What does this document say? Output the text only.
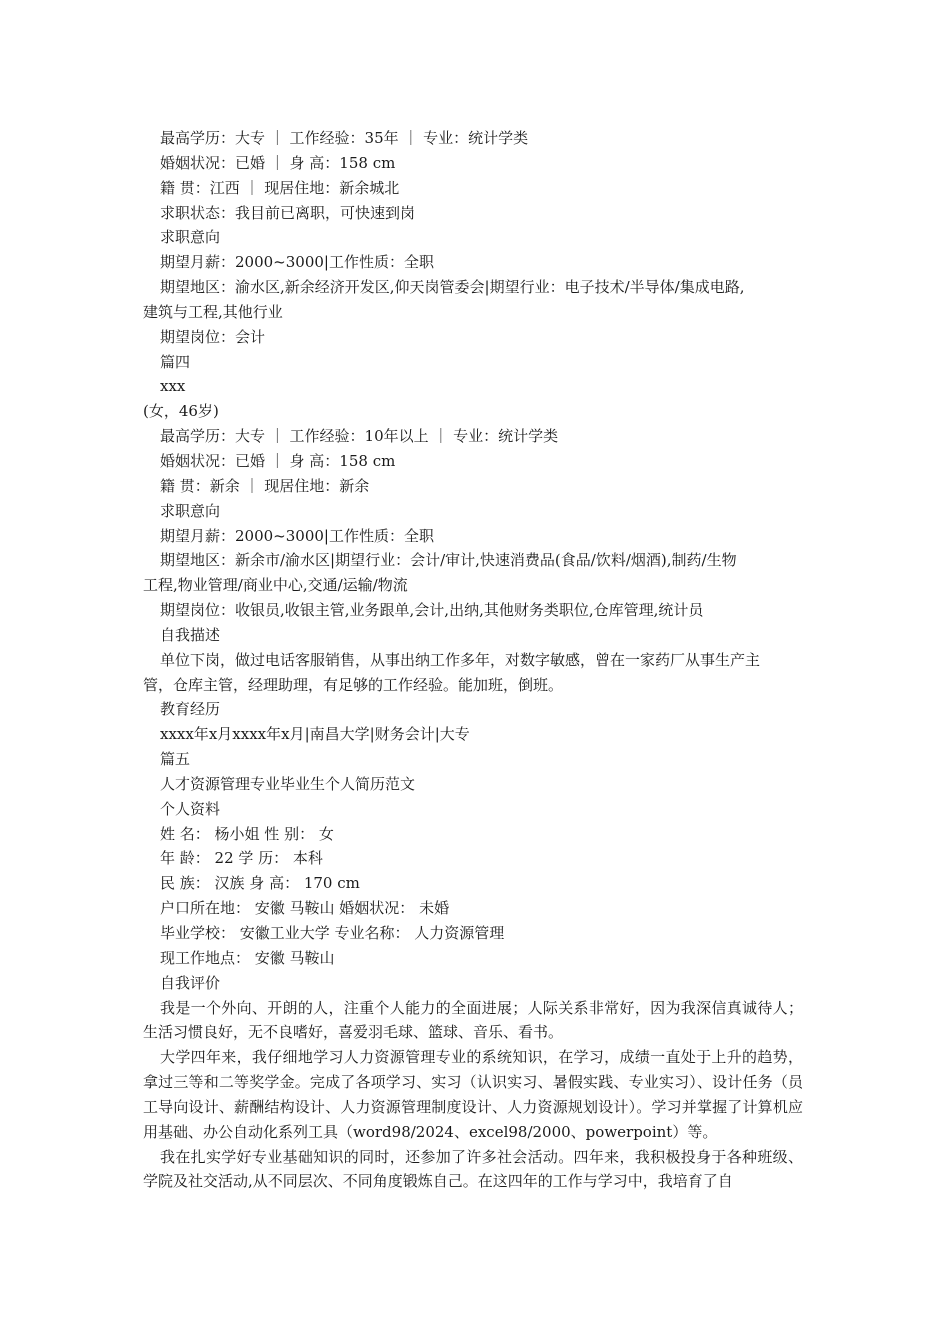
最高学历：大专 ｜ 工作经验：35年 ｜ 专业：统计学类
婚姻状况：已婚 ｜ 身 高：158 cm
籍 贯：江西 ｜ 现居住地：新余城北
求职状态：我目前已离职，可快速到岗
求职意向
期望月薪：2000~3000|工作性质：全职
期望地区：渝水区,新余经济开发区,仰天岗管委会|期望行业：电子技术/半导体/集成电路,
建筑与工程,其他行业
期望岗位：会计
篇四
xxx
(女，46岁)
最高学历：大专 ｜ 工作经验：10年以上 ｜ 专业：统计学类
婚姻状况：已婚 ｜ 身 高：158 cm
籍 贯：新余 ｜ 现居住地：新余
求职意向
期望月薪：2000~3000|工作性质：全职
期望地区：新余市/渝水区|期望行业：会计/审计,快速消费品(食品/饮料/烟酒),制药/生物
工程,物业管理/商业中心,交通/运输/物流
期望岗位：收银员,收银主管,业务跟单,会计,出纳,其他财务类职位,仓库管理,统计员
自我描述
单位下岗，做过电话客服销售，从事出纳工作多年，对数字敏感，曾在一家药厂从事生产主
管，仓库主管，经理助理，有足够的工作经验。能加班，倒班。
教育经历
xxxx年x月xxxx年x月|南昌大学|财务会计|大专
篇五
人才资源管理专业毕业生个人简历范文
个人资料
姓 名： 杨小姐 性 别： 女
年 龄： 22 学 历： 本科
民 族： 汉族 身 高： 170 cm
户口所在地： 安徽 马鞍山 婚姻状况： 未婚
毕业学校： 安徽工业大学 专业名称： 人力资源管理
现工作地点： 安徽 马鞍山
自我评价
我是一个外向、开朗的人，注重个人能力的全面进展；人际关系非常好，因为我深信真诚待人；生活习惯良好，无不良嗜好，喜爱羽毛球、篮球、音乐、看书。
大学四年来，我仔细地学习人力资源管理专业的系统知识，在学习，成绩一直处于上升的趋势，拿过三等和二等奖学金。完成了各项学习、实习（认识实习、暑假实践、专业实习）、设计任务（员工导向设计、薪酬结构设计、人力资源管理制度设计、人力资源规划设计）。学习并掌握了计算机应用基础、办公自动化系列工具（word98/2024、excel98/2000、powerpoint）等。
我在扎实学好专业基础知识的同时，还参加了许多社会活动。四年来，我积极投身于各种班级、学院及社交活动,从不同层次、不同角度锻炼自己。在这四年的工作与学习中，我培育了自
